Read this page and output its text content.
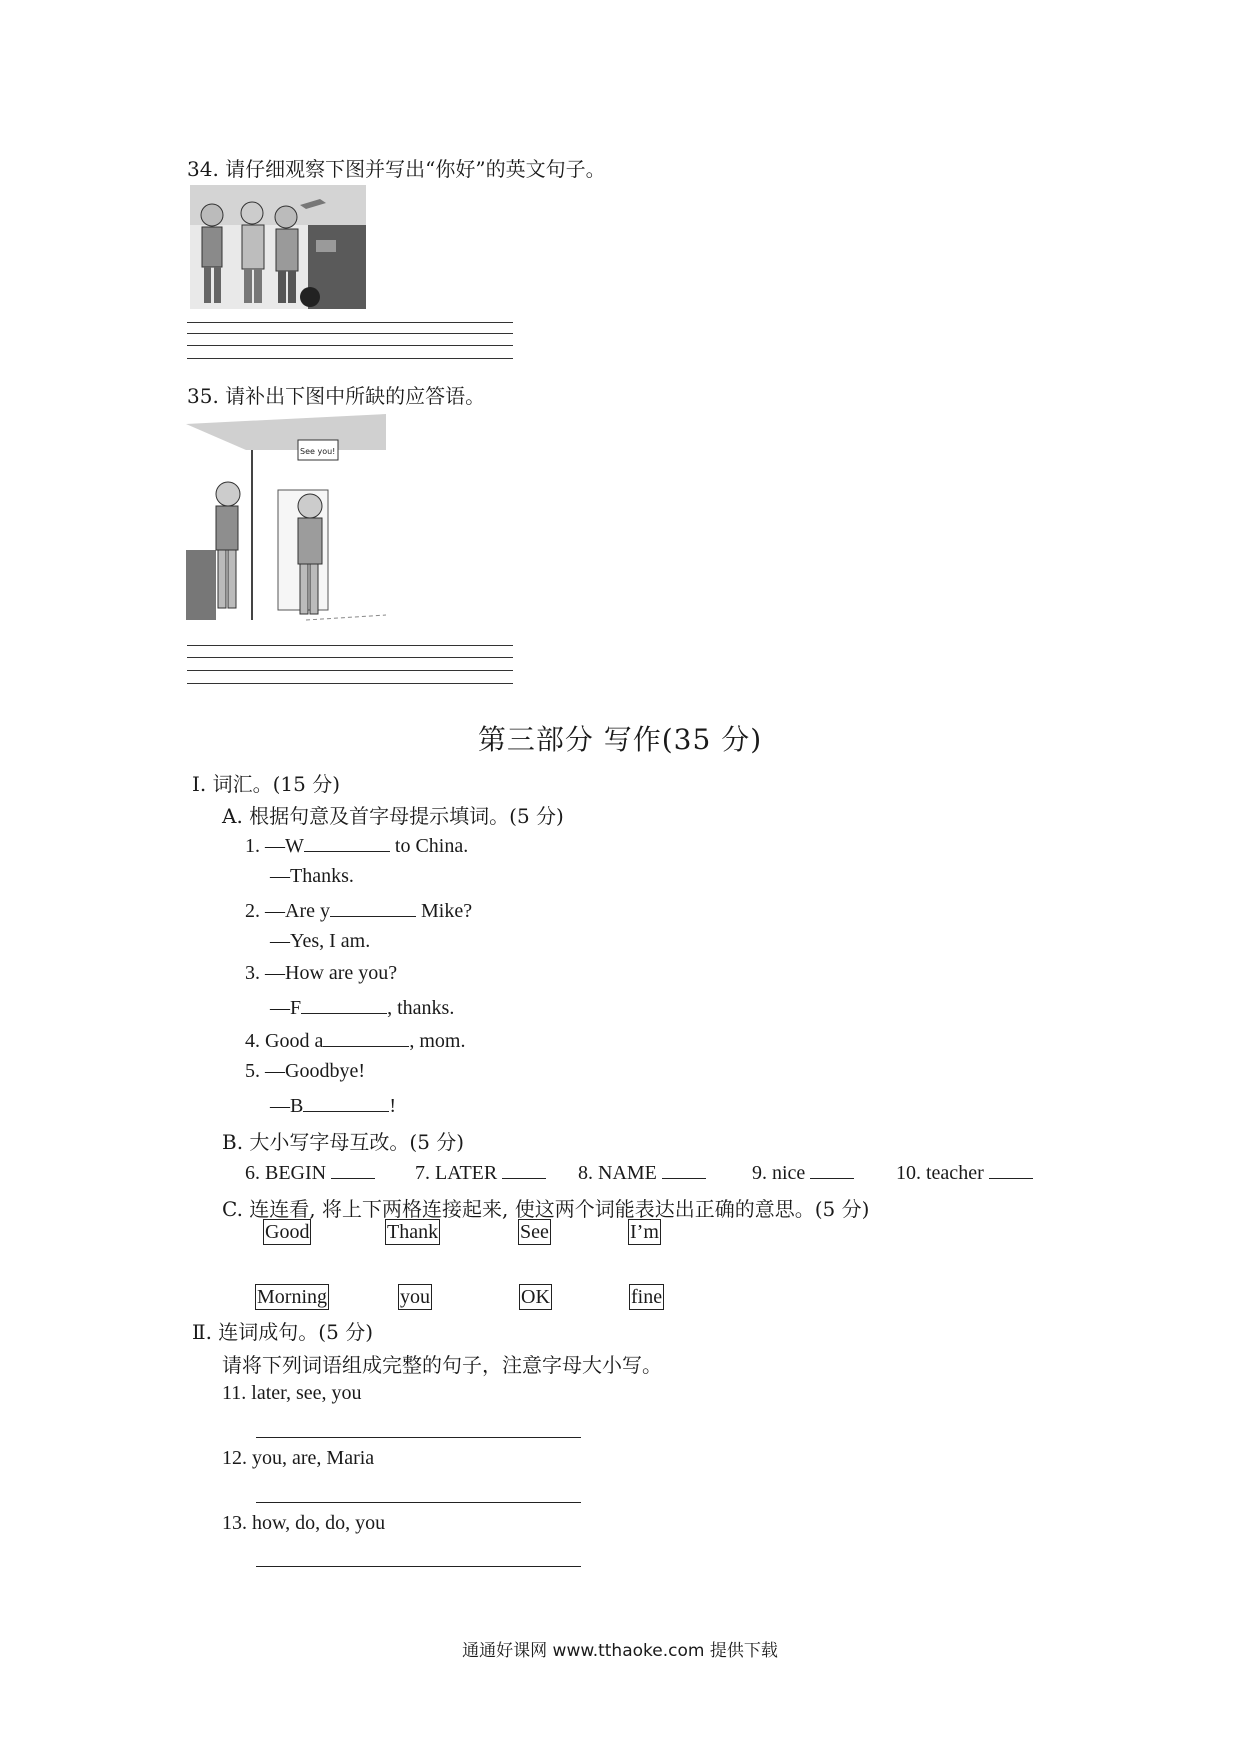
34. 请仔细观察下图并写出“你好”的英文句子。
35. 请补出下图中所缺的应答语。
See you!
第三部分 写作(35 分)
Ⅰ. 词汇。(15 分)
A. 根据句意及首字母提示填词。(5 分)
1. —W	to China.
—Thanks.
2. —Are y	Mike?
—Yes, I am.
3. —How are you?
—F	, thanks.
4. Good a	, mom.
5. —Goodbye!
—B	!
B. 大小写字母互改。(5 分)
6. BEGIN	7. LATER	8. NAME	9. nice	10. teacher
C. 连连看, 将上下两格连接起来, 使这两个词能表达出正确的意思。(5 分)
Good	Thank	See	I’m
Morning	you	OK	fine
Ⅱ. 连词成句。(5 分)
请将下列词语组成完整的句子，注意字母大小写。
11. later, see, you
12. you, are, Maria
13. how, do, do, you
通通好课网 www.tthaoke.com 提供下载
